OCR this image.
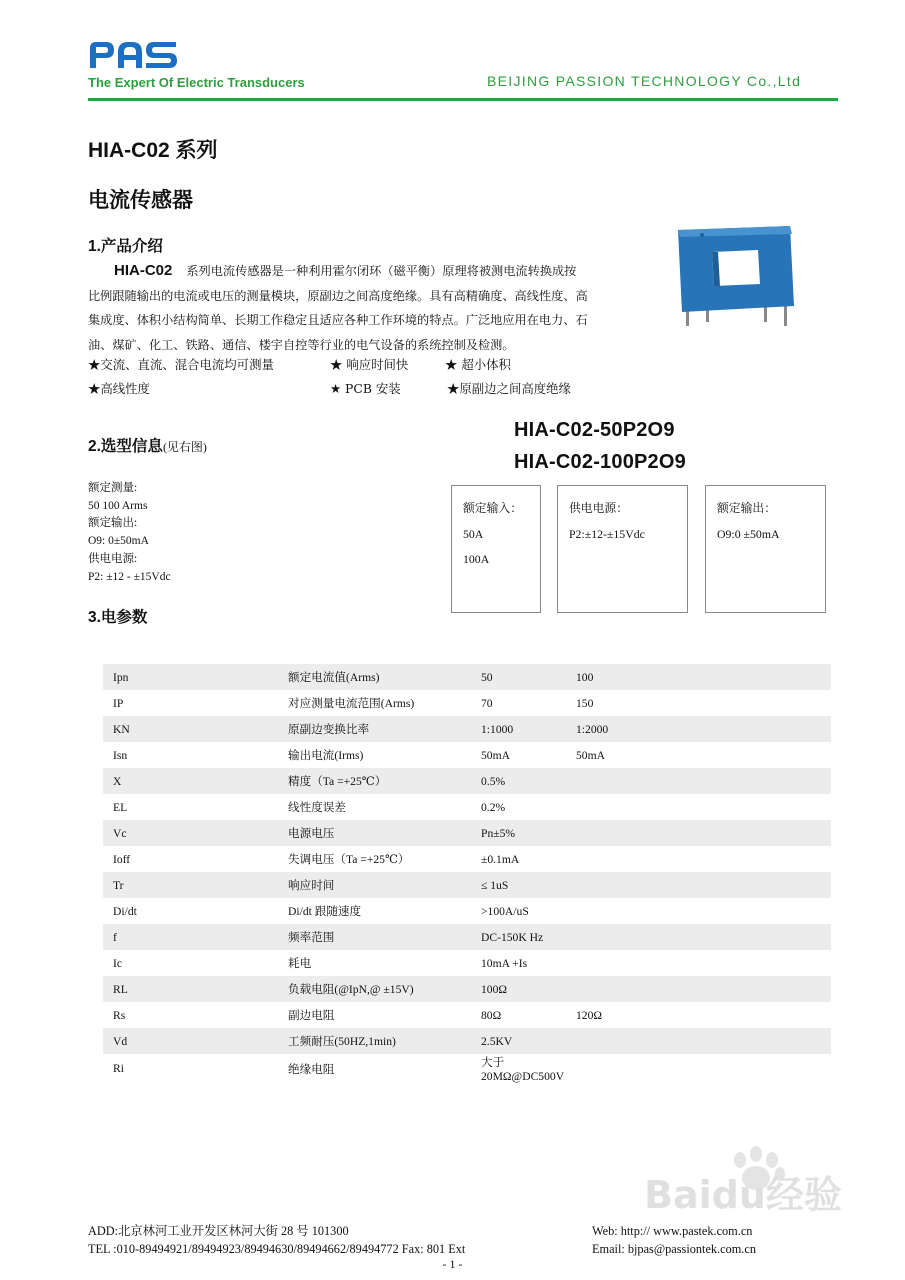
The Expert Of Electric Transducers	BEIJING PASSION TECHNOLOGY Co.,Ltd
HIA-C02 系列
电流传感器
1.产品介绍
HIA-C02 系列电流传感器是一种利用霍尔闭环（磁平衡）原理将被测电流转换成按
比例跟随输出的电流或电压的测量模块，原副边之间高度绝缘。具有高精确度、高线性度、高
集成度、体积小结构简单、长期工作稳定且适应各种工作环境的特点。广泛地应用在电力、石
油、煤矿、化工、铁路、通信、楼宇自控等行业的电气设备的系统控制及检测。
★交流、直流、混合电流均可测量	★ 响应时间快	★ 超小体积
★高线性度	★ PCB 安装	★原副边之间高度绝缘
2.选型信息(见右图)
HIA-C02-50P2O9
HIA-C02-100P2O9
额定测量:
50 100 Arms
额定输出:
O9: 0±50mA
供电电源:
P2: ±12 - ±15Vdc
额定输入：
50A
100A
供电电源：
P2:±12-±15Vdc
额定输出：
O9:0 ±50mA
3.电参数
Ipn	额定电流值(Arms)	50	100
IP	对应测量电流范围(Arms)	70	150
KN	原副边变换比率	1:1000	1:2000
Isn	输出电流(Irms)	50mA	50mA
X	精度（Ta =+25℃）	0.5%	
EL	线性度误差	0.2%	
Vc	电源电压	Pn±5%	
Ioff	失调电压（Ta =+25℃）	±0.1mA	
Tr	响应时间	≤ 1uS	
Di/dt	Di/dt 跟随速度	>100A/uS	
f	频率范围	DC-150K Hz	
Ic	耗电	10mA +Is	
RL	负载电阻(@IpN,@ ±15V)	100Ω	
Rs	副边电阻	80Ω	120Ω
Vd	工频耐压(50HZ,1min)	2.5KV	
Ri	绝缘电阻	大于 20MΩ@DC500V	
Baidu经验
ADD:北京林河工业开发区林河大街 28 号 101300
TEL :010-89494921/89494923/89494630/89494662/89494772 Fax: 801 Ext
Web: http:// www.pastek.com.cn
Email: bjpas@passiontek.com.cn
- 1 -
